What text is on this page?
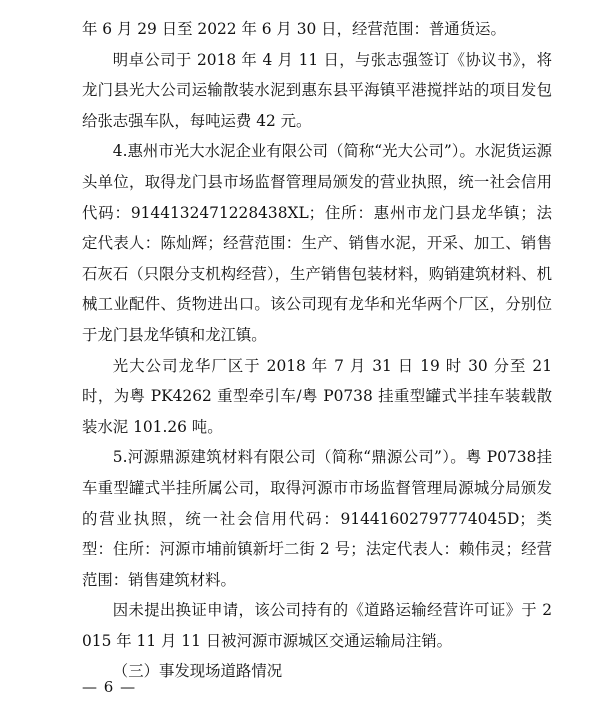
年 6 月 29 日至 2022 年 6 月 30 日，经营范围：普通货运。

明卓公司于 2018 年 4 月 11 日，与张志强签订《协议书》，将龙门县光大公司运输散装水泥到惠东县平海镇平港搅拌站的项目发包给张志强车队，每吨运费 42 元。

4.惠州市光大水泥企业有限公司（简称“光大公司”）。水泥货运源头单位，取得龙门县市场监督管理局颁发的营业执照，统一社会信用代码：9144132471228438XL；住所：惠州市龙门县龙华镇；法定代表人：陈灿辉；经营范围：生产、销售水泥，开采、加工、销售石灰石（只限分支机构经营），生产销售包装材料，购销建筑材料、机械工业配件、货物进出口。该公司现有龙华和光华两个厂区，分别位于龙门县龙华镇和龙江镇。

光大公司龙华厂区于 2018 年 7 月 31 日 19 时 30 分至 21 时，为粤 PK4262 重型牵引车/粤 P0738 挂重型罐式半挂车装载散装水泥 101.26 吨。

5.河源鼎源建筑材料有限公司（简称“鼎源公司”）。粤 P0738挂车重型罐式半挂所属公司，取得河源市市场监督管理局源城分局颁发的营业执照，统一社会信用代码：91441602797774045D；类型：住所：河源市埔前镇新圩二街 2 号；法定代表人：赖伟灵；经营范围：销售建筑材料。

因未提出换证申请，该公司持有的《道路运输经营许可证》于 2015 年 11 月 11 日被河源市源城区交通运输局注销。

（三）事发现场道路情况

— 6 —
